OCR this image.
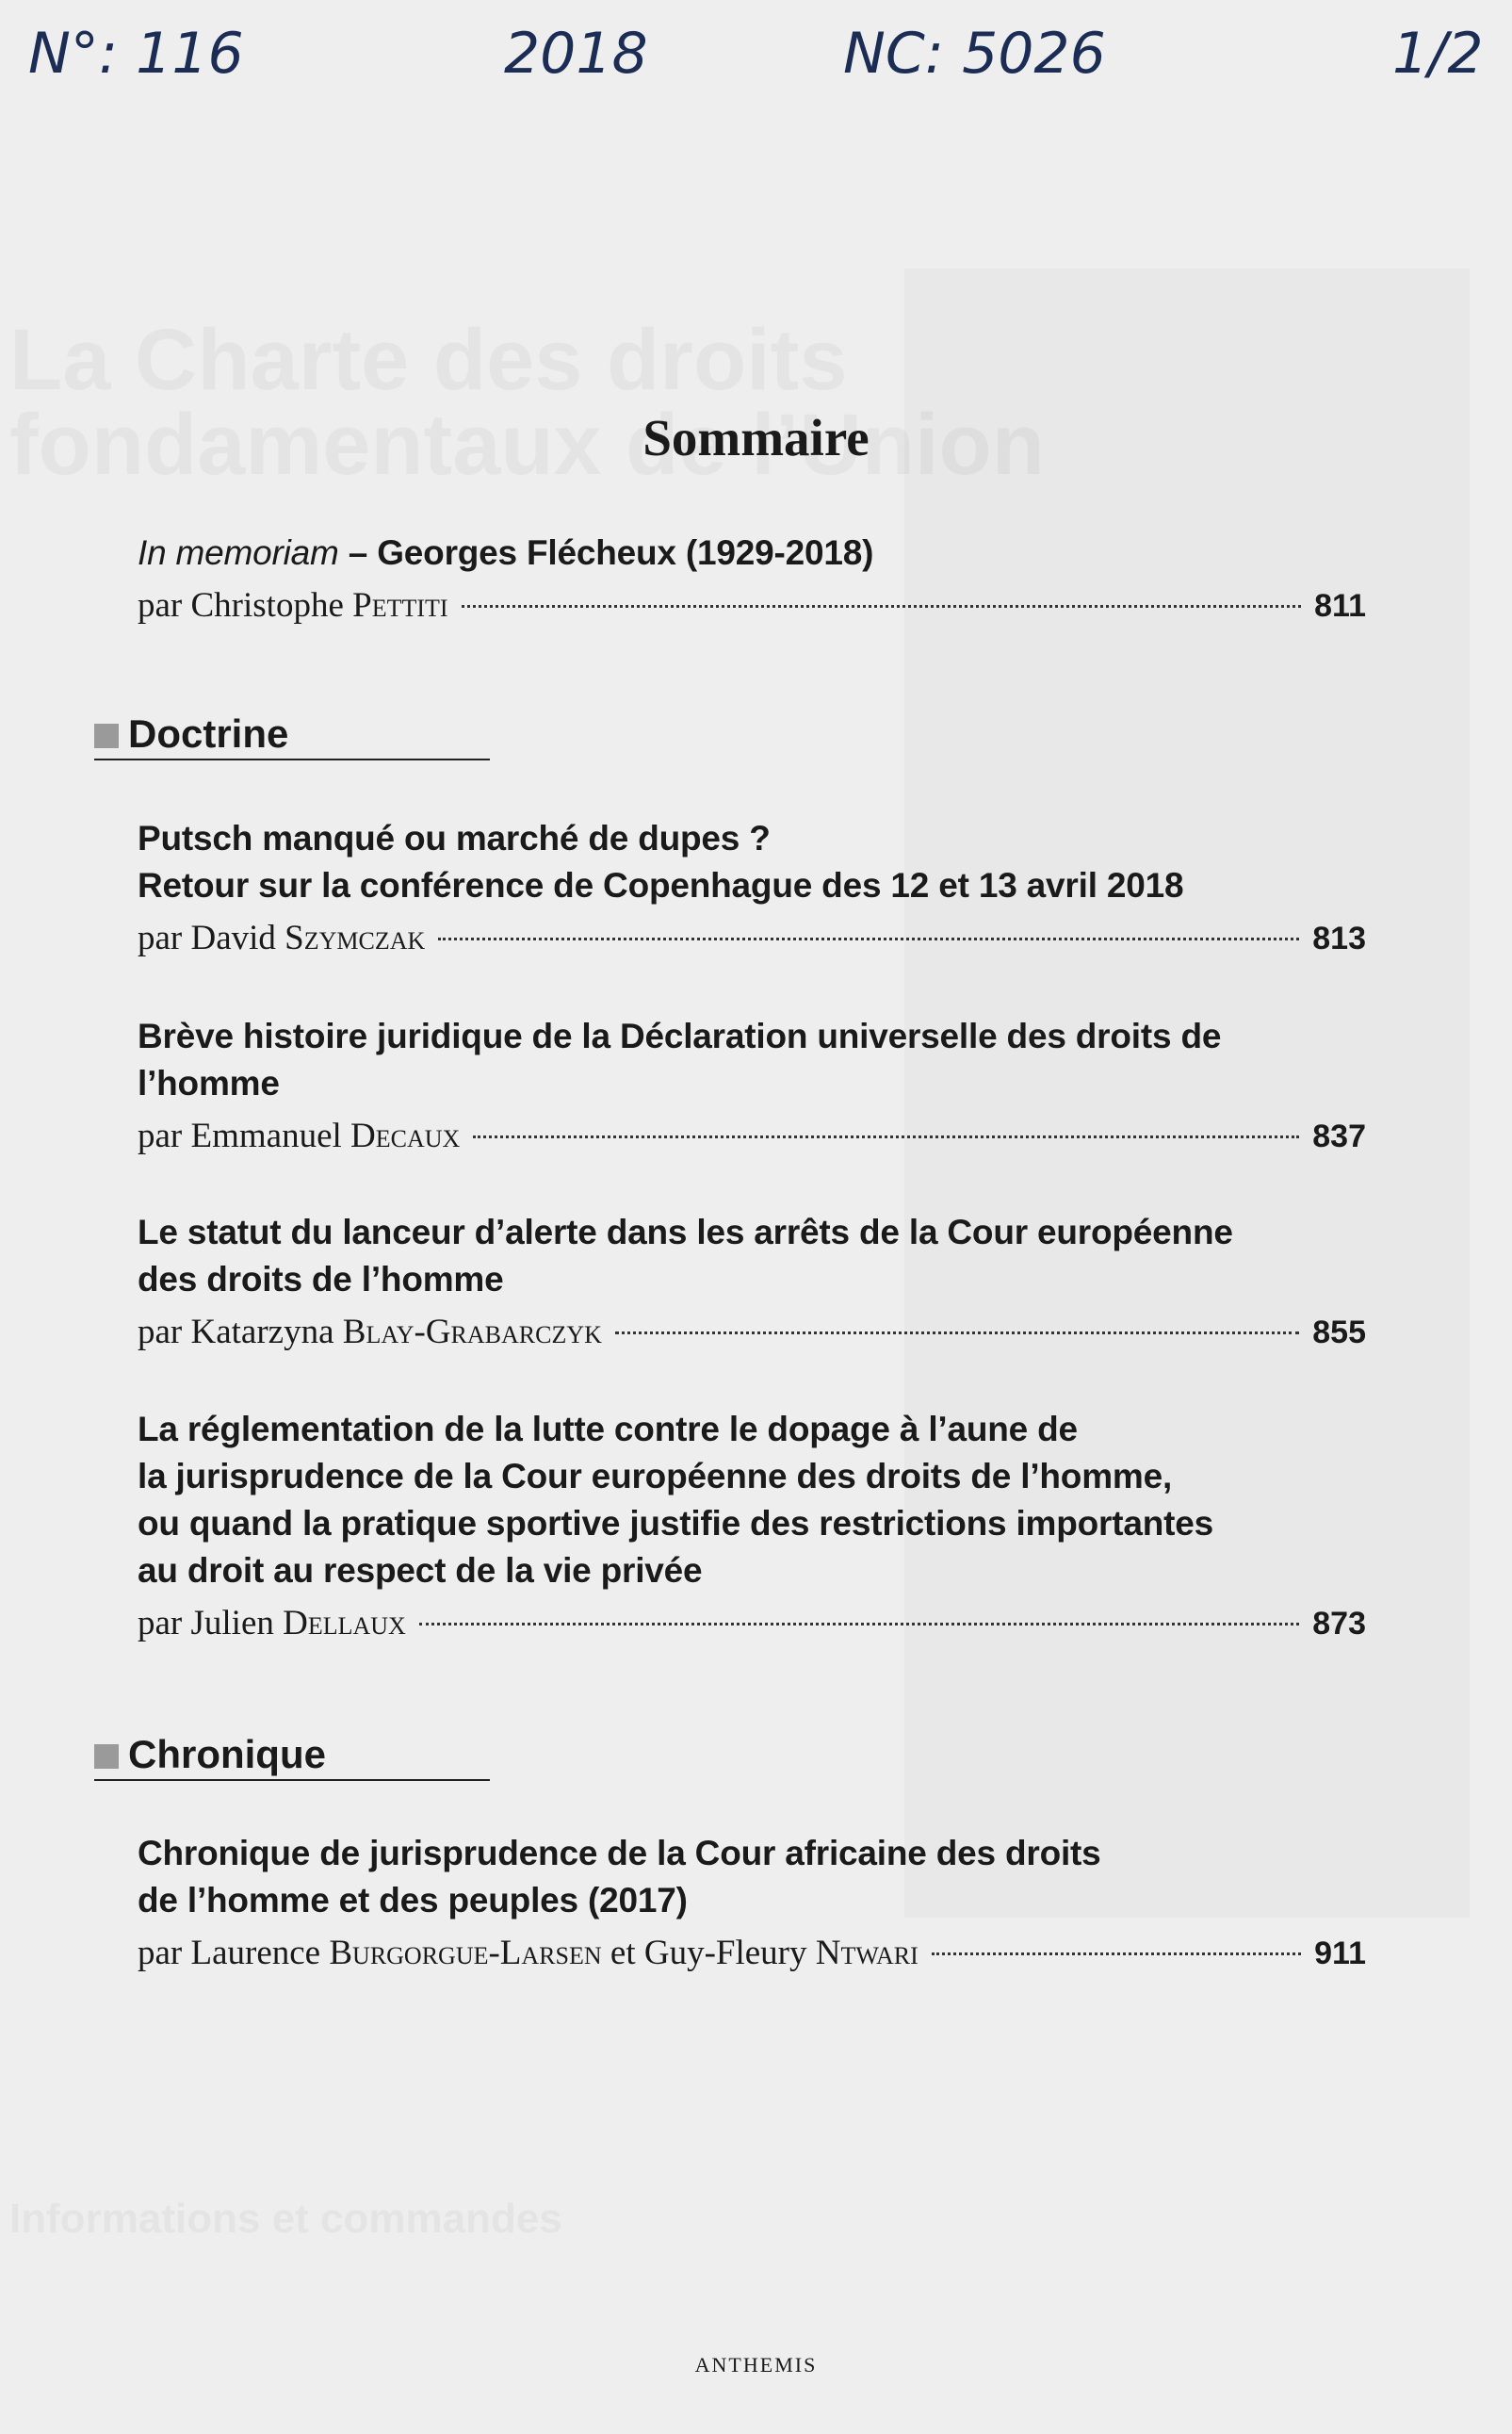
N°: 116	2018	NC: 5026	1/2
Sommaire
In memoriam – Georges Flécheux (1929-2018)
par Christophe Pettiti	811
Doctrine
Putsch manqué ou marché de dupes ?
Retour sur la conférence de Copenhague des 12 et 13 avril 2018
par David Szymczak	813
Brève histoire juridique de la Déclaration universelle des droits de
l’homme
par Emmanuel Decaux	837
Le statut du lanceur d’alerte dans les arrêts de la Cour européenne
des droits de l’homme
par Katarzyna Blay-Grabarczyk	855
La réglementation de la lutte contre le dopage à l’aune de
la jurisprudence de la Cour européenne des droits de l’homme,
ou quand la pratique sportive justifie des restrictions importantes
au droit au respect de la vie privée
par Julien Dellaux	873
Chronique
Chronique de jurisprudence de la Cour africaine des droits
de l’homme et des peuples (2017)
par Laurence Burgorgue-Larsen et Guy-Fleury Ntwari	911
ANTHEMIS
